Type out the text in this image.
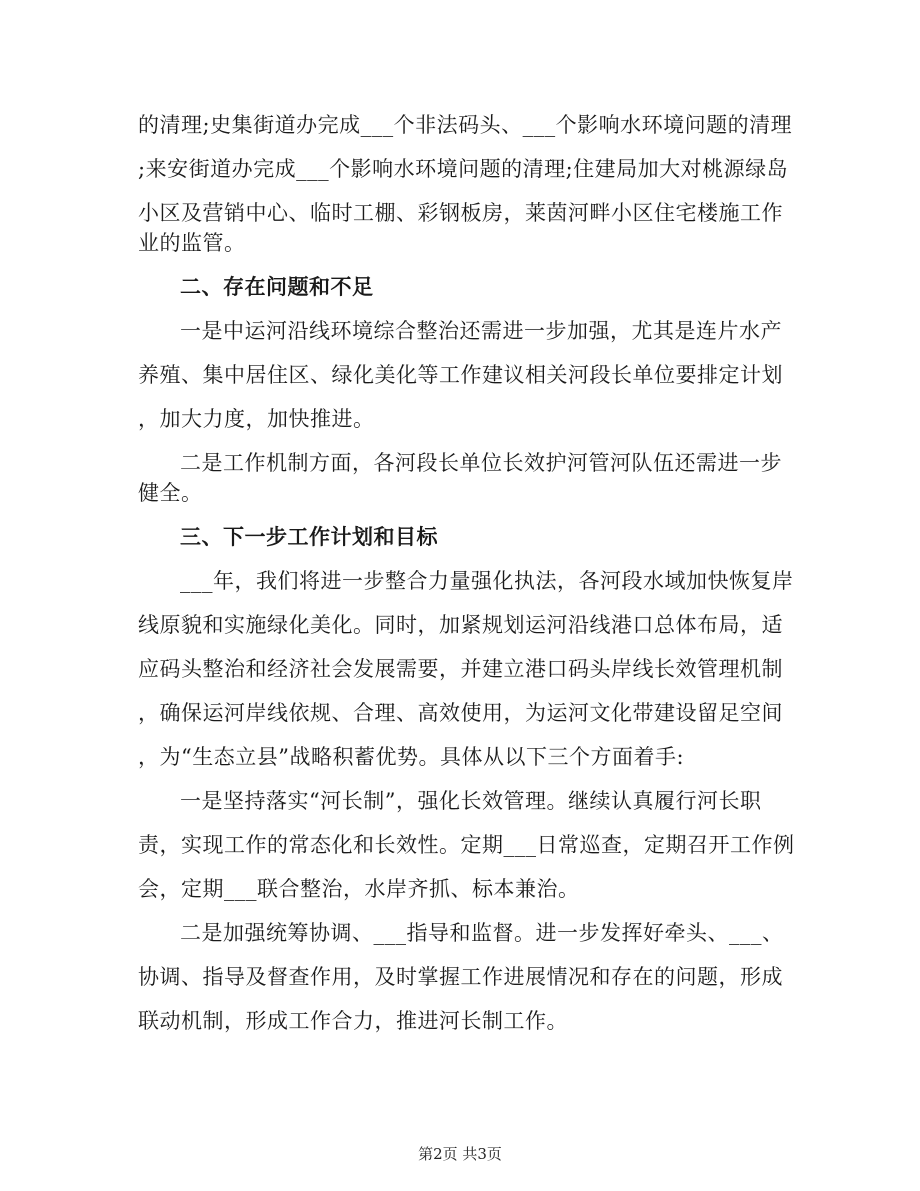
的清理;史集街道办完成___个非法码头、___个影响水环境问题的清理
;来安街道办完成___个影响水环境问题的清理;住建局加大对桃源绿岛
小区及营销中心、临时工棚、彩钢板房，莱茵河畔小区住宅楼施工作
业的监管。
二、存在问题和不足
一是中运河沿线环境综合整治还需进一步加强，尤其是连片水产
养殖、集中居住区、绿化美化等工作建议相关河段长单位要排定计划
，加大力度，加快推进。
二是工作机制方面，各河段长单位长效护河管河队伍还需进一步
健全。
三、下一步工作计划和目标
___年，我们将进一步整合力量强化执法，各河段水域加快恢复岸
线原貌和实施绿化美化。同时，加紧规划运河沿线港口总体布局，适
应码头整治和经济社会发展需要，并建立港口码头岸线长效管理机制
，确保运河岸线依规、合理、高效使用，为运河文化带建设留足空间
，为“生态立县”战略积蓄优势。具体从以下三个方面着手:
一是坚持落实“河长制”，强化长效管理。继续认真履行河长职
责，实现工作的常态化和长效性。定期___日常巡查，定期召开工作例
会，定期___联合整治，水岸齐抓、标本兼治。
二是加强统筹协调、___指导和监督。进一步发挥好牵头、___、
协调、指导及督查作用，及时掌握工作进展情况和存在的问题，形成
联动机制，形成工作合力，推进河长制工作。
第2页 共3页
